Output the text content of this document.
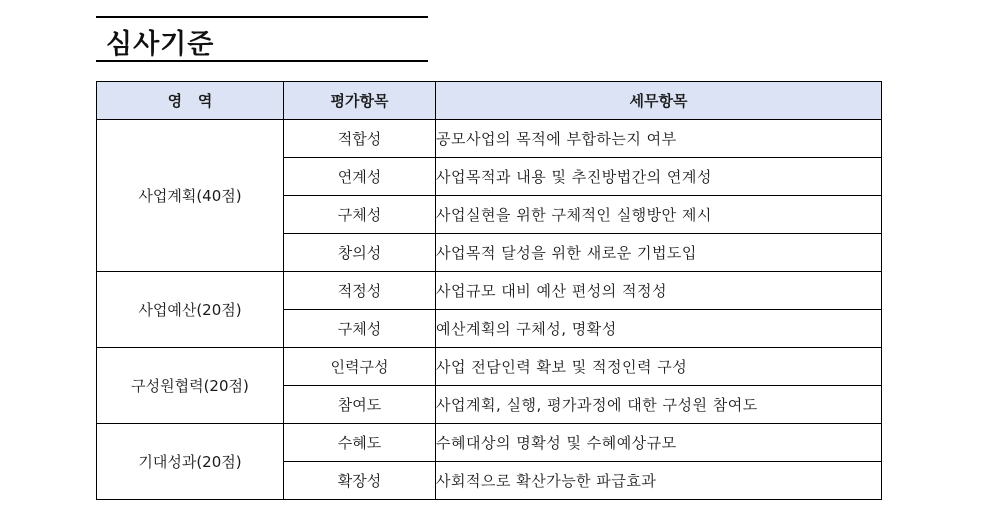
심사기준
영   역	평가항목	세무항목
사업계획(40점)	적합성	공모사업의 목적에 부합하는지 여부
	연계성	사업목적과 내용 및 추진방법간의 연계성
	구체성	사업실현을 위한 구체적인 실행방안 제시
	창의성	사업목적 달성을 위한 새로운 기법도입
사업예산(20점)	적정성	사업규모 대비 예산 편성의 적정성
	구체성	예산계획의 구체성, 명확성
구성원협력(20점)	인력구성	사업 전담인력 확보 및 적정인력 구성
	참여도	사업계획, 실행, 평가과정에 대한 구성원 참여도
기대성과(20점)	수혜도	수혜대상의 명확성 및 수혜예상규모
	확장성	사회적으로 확산가능한 파급효과
